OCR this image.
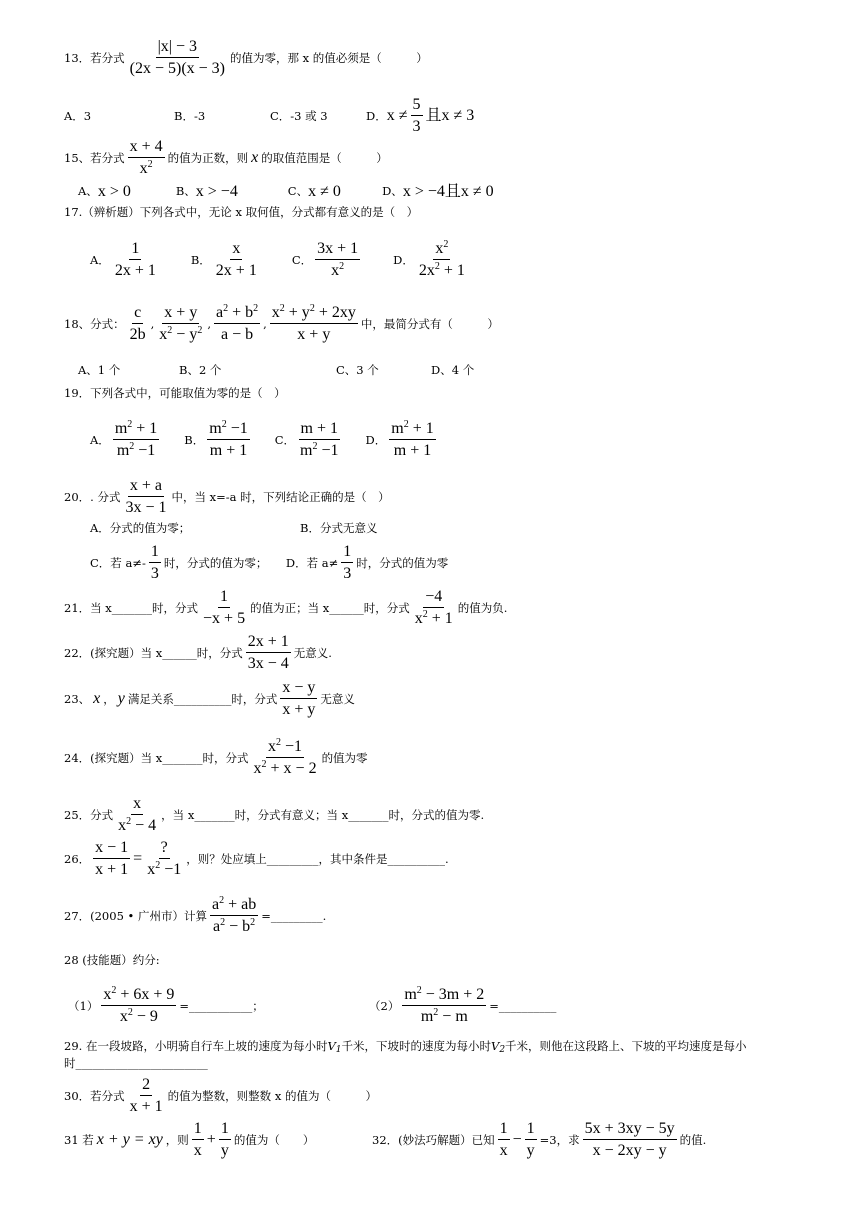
13．若分式 $\frac{|x| - 3}{(2x - 5)(x - 3)}$ 的值为零，那 x 的值必须是（　　　）
A．3	B．-3	C．-3 或 3	D． $x \ne \frac{5}{3}$ 且x ≠ 3
15、若分式 $\frac{x + 4}{x^2}$ 的值为正数，则 x 的取值范围是（　　　）
A、 x > 0	B、 x > −4	C、 x ≠ 0	D、 x > −4且x ≠ 0
17.（辨析题）下列各式中，无论 x 取何值，分式都有意义的是（　）
A． $\frac{1}{2x + 1}$	B． $\frac{x}{2x + 1}$	C． $\frac{3x + 1}{x^2}$	D． $\frac{x^2}{2x^2 + 1}$
18、分式： $\frac{c}{2b}$ , $\frac{x + y}{x^2 - y^2}$ , $\frac{a^2 + b^2}{a - b}$ , $\frac{x^2 + y^2 + 2xy}{x + y}$ 中，最简分式有（　　　）
A、1 个	B、2 个	C、3 个	D、4 个
19．下列各式中，可能取值为零的是（　）
A． $\frac{m^2 + 1}{m^2 -1}$ B． $\frac{m^2 -1}{m + 1}$ C． $\frac{m + 1}{m^2 -1}$ D． $\frac{m^2 + 1}{m + 1}$
20．. 分式 $\frac{x + a}{3x - 1}$ 中，当 x=-a 时，下列结论正确的是（　）
A．分式的值为零；	B．分式无意义
C．若 $a\ne- \frac{1}{3}$ 时，分式的值为零；	D．若 $a\ne \frac{1}{3}$ 时，分式的值为零
21．当 x_______时，分式 $\frac{1}{-x + 5}$ 的值为正；当 x______时，分式 $\frac{-4}{x^2 + 1}$ 的值为负.
22．(探究题）当 x______时，分式 $\frac{2x + 1}{3x - 4}$ 无意义.
23、 x ， y 满足关系__________时，分式 $\frac{x - y}{x + y}$ 无意义
24．(探究题）当 x_______时，分式 $\frac{x^2 -1}{x^2 + x - 2}$ 的值为零
25．分式 $\frac{x}{x^2 - 4}$ ，当 x_______时，分式有意义；当 x_______时，分式的值为零.
26． $\frac{x - 1}{x + 1} = \frac{?}{x^2 -1}$ ，则？处应填上_________，其中条件是__________.
27．(2005 • 广州市）计算 $\frac{a^2 + ab}{a^2 - b^2}$ =_________.
28 (技能题）约分:
$(1) \frac{x^2 + 6x + 9}{x^2 - 9}$ =___________；	$(2) \frac{m^2 - 3m + 2}{m^2 - m}$ =__________
29. 在一段坡路，小明骑自行车上坡的速度为每小时 $V_1$ 千米，下坡时的速度为每小时 $V_2$ 千米，则他在这段路上、下坡的平均速度是每小
时_______________________
30．若分式 $\frac{2}{x + 1}$ 的值为整数，则整数 x 的值为（　　　）
31 若 x + y = xy ，则 $\frac{1}{x} + \frac{1}{y}$ 的值为（　　）	32．(妙法巧解题）已知 $\frac{1}{x} - \frac{1}{y} =3$，求 $\frac{5x + 3xy - 5y}{x - 2xy - y}$ 的值.
